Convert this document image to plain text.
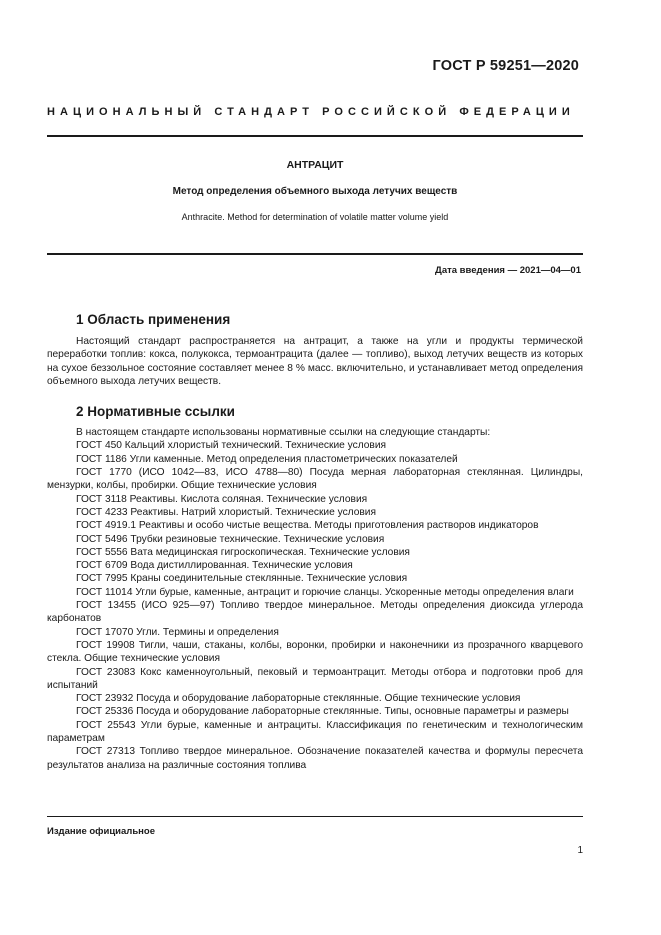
ГОСТ Р 59251—2020
НАЦИОНАЛЬНЫЙ СТАНДАРТ РОССИЙСКОЙ ФЕДЕРАЦИИ
АНТРАЦИТ
Метод определения объемного выхода летучих веществ
Anthracite. Method for determination of volatile matter volume yield
Дата введения — 2021—04—01
1 Область применения

Настоящий стандарт распространяется на антрацит, а также на угли и продукты термической переработки топлив: кокса, полукокса, термоантрацита (далее — топливо), выход летучих веществ из которых на сухое беззольное состояние составляет менее 8 % масс. включительно, и устанавливает метод определения объемного выхода летучих веществ.

2 Нормативные ссылки

В настоящем стандарте использованы нормативные ссылки на следующие стандарты:

ГОСТ 450 Кальций хлористый технический. Технические условия

ГОСТ 1186 Угли каменные. Метод определения пластометрических показателей

ГОСТ 1770 (ИСО 1042—83, ИСО 4788—80) Посуда мерная лабораторная стеклянная. Цилиндры, мензурки, колбы, пробирки. Общие технические условия

ГОСТ 3118 Реактивы. Кислота соляная. Технические условия

ГОСТ 4233 Реактивы. Натрий хлористый. Технические условия

ГОСТ 4919.1 Реактивы и особо чистые вещества. Методы приготовления растворов индикаторов

ГОСТ 5496 Трубки резиновые технические. Технические условия

ГОСТ 5556 Вата медицинская гигроскопическая. Технические условия

ГОСТ 6709 Вода дистиллированная. Технические условия

ГОСТ 7995 Краны соединительные стеклянные. Технические условия

ГОСТ 11014 Угли бурые, каменные, антрацит и горючие сланцы. Ускоренные методы определения влаги

ГОСТ 13455 (ИСО 925—97) Топливо твердое минеральное. Методы определения диоксида углерода карбонатов

ГОСТ 17070 Угли. Термины и определения

ГОСТ 19908 Тигли, чаши, стаканы, колбы, воронки, пробирки и наконечники из прозрачного кварцевого стекла. Общие технические условия

ГОСТ 23083 Кокс каменноугольный, пековый и термоантрацит. Методы отбора и подготовки проб для испытаний

ГОСТ 23932 Посуда и оборудование лабораторные стеклянные. Общие технические условия

ГОСТ 25336 Посуда и оборудование лабораторные стеклянные. Типы, основные параметры и размеры

ГОСТ 25543 Угли бурые, каменные и антрациты. Классификация по генетическим и технологическим параметрам

ГОСТ 27313 Топливо твердое минеральное. Обозначение показателей качества и формулы пересчета результатов анализа на различные состояния топлива

Издание официальное
1
